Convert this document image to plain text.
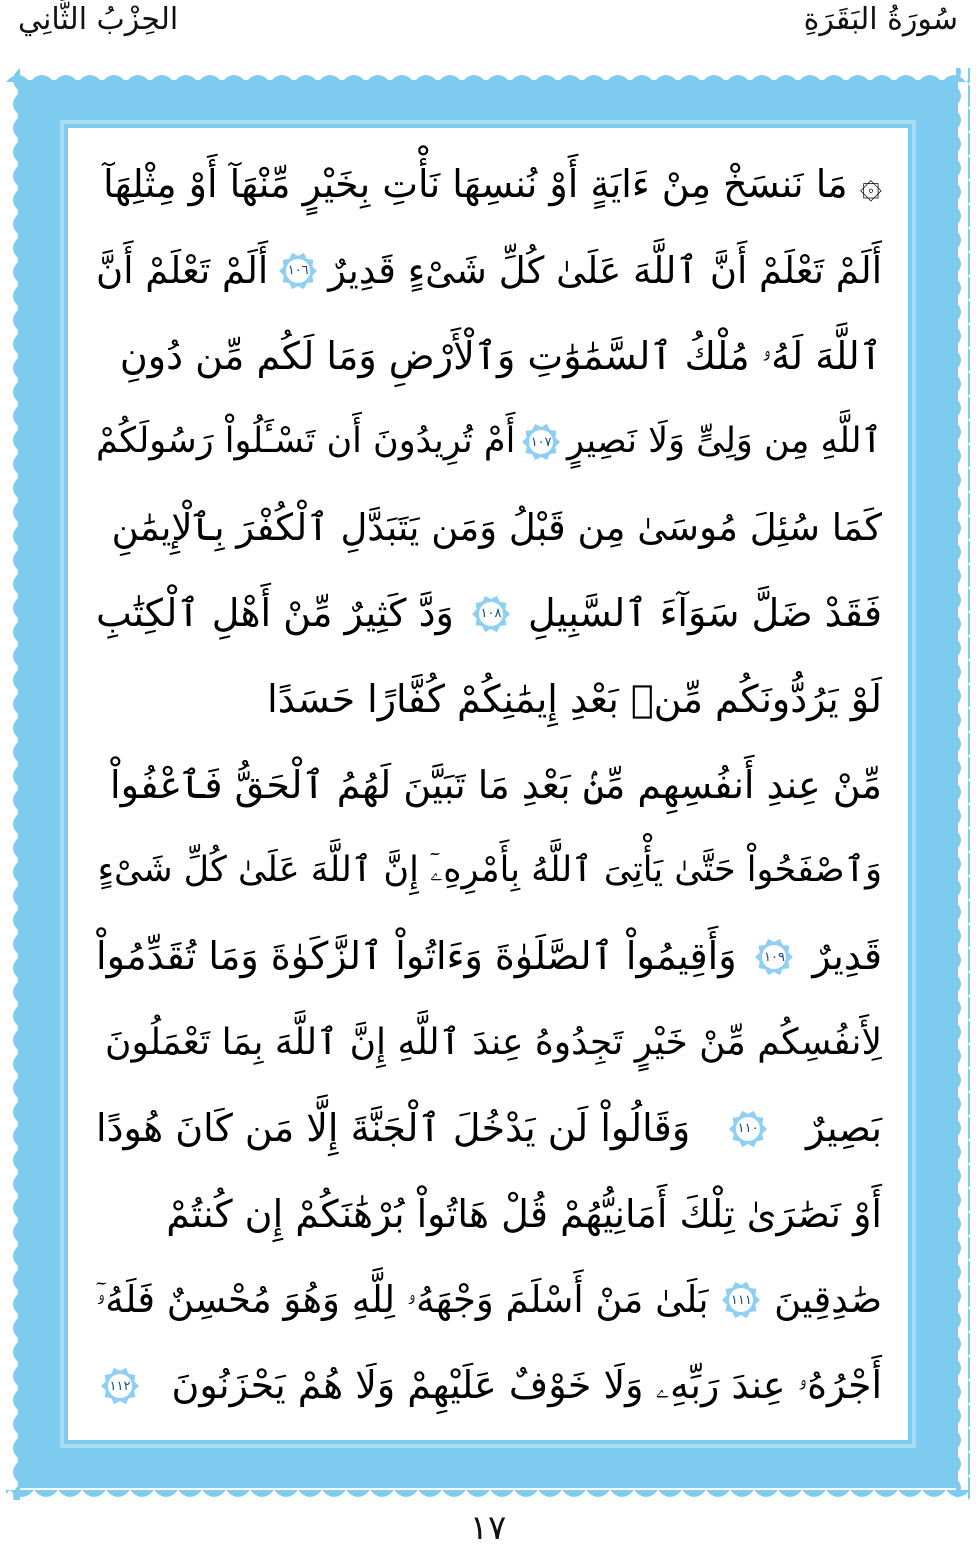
سُورَةُ البَقَرَةِ
الحِزْبُ الثَّانِي
۞ مَا نَنسَخْ مِنْ ءَايَةٍ أَوْ نُنسِهَا نَأْتِ بِخَيْرٍ مِّنْهَآ أَوْ مِثْلِهَآ
أَلَمْ تَعْلَمْ أَنَّ ٱللَّهَ عَلَىٰ كُلِّ شَىْءٍ قَدِيرٌ
١٠٦
أَلَمْ تَعْلَمْ أَنَّ
ٱللَّهَ لَهُۥ مُلْكُ ٱلسَّمَٰوَٰتِ وَٱلْأَرْضِ وَمَا لَكُم مِّن دُونِ
ٱللَّهِ مِن وَلِىٍّ وَلَا نَصِيرٍ
١٠٧
أَمْ تُرِيدُونَ أَن تَسْـَٔلُواْ رَسُولَكُمْ
كَمَا سُئِلَ مُوسَىٰ مِن قَبْلُ وَمَن يَتَبَدَّلِ ٱلْكُفْرَ بِٱلْإِيمَٰنِ
فَقَدْ ضَلَّ سَوَآءَ ٱلسَّبِيلِ
١٠٨
وَدَّ كَثِيرٌ مِّنْ أَهْلِ ٱلْكِتَٰبِ
لَوْ يَرُدُّونَكُم مِّنۢ بَعْدِ إِيمَٰنِكُمْ كُفَّارًا حَسَدًا
مِّنْ عِندِ أَنفُسِهِم مِّنۢ بَعْدِ مَا تَبَيَّنَ لَهُمُ ٱلْحَقُّ فَٱعْفُواْ
وَٱصْفَحُواْ حَتَّىٰ يَأْتِىَ ٱللَّهُ بِأَمْرِهِۦٓ إِنَّ ٱللَّهَ عَلَىٰ كُلِّ شَىْءٍ
قَدِيرٌ
١٠٩
وَأَقِيمُواْ ٱلصَّلَوٰةَ وَءَاتُواْ ٱلزَّكَوٰةَ وَمَا تُقَدِّمُواْ
لِأَنفُسِكُم مِّنْ خَيْرٍ تَجِدُوهُ عِندَ ٱللَّهِ إِنَّ ٱللَّهَ بِمَا تَعْمَلُونَ
بَصِيرٌ
١١٠
وَقَالُواْ لَن يَدْخُلَ ٱلْجَنَّةَ إِلَّا مَن كَانَ هُودًا
أَوْ نَصَٰرَىٰ تِلْكَ أَمَانِيُّهُمْ قُلْ هَاتُواْ بُرْهَٰنَكُمْ إِن كُنتُمْ
صَٰدِقِينَ
١١١
بَلَىٰ مَنْ أَسْلَمَ وَجْهَهُۥ لِلَّهِ وَهُوَ مُحْسِنٌ فَلَهُۥٓ
أَجْرُهُۥ عِندَ رَبِّهِۦ وَلَا خَوْفٌ عَلَيْهِمْ وَلَا هُمْ يَحْزَنُونَ
١١٢
١٧
